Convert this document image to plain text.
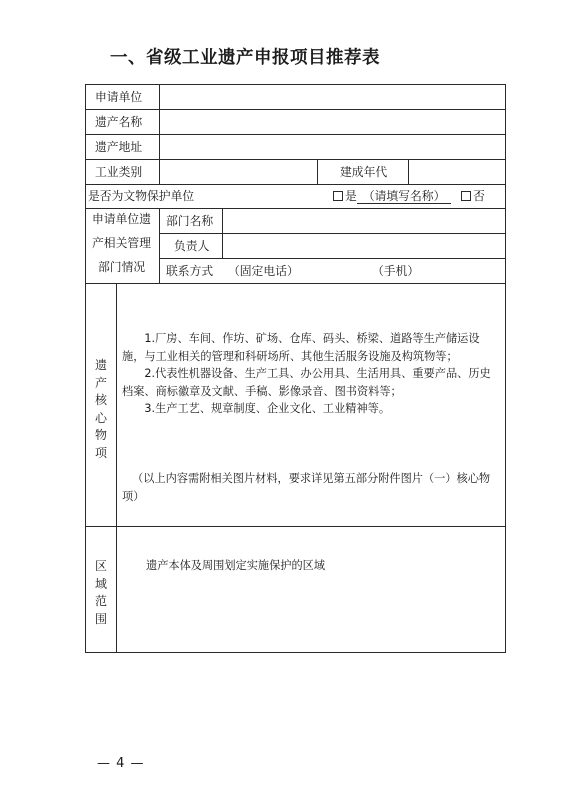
一、省级工业遗产申报项目推荐表
申请单位
遗产名称
遗产地址
工业类别	建成年代
是否为文物保护单位	是 （请填写名称） 否
申请单位遗
产相关管理
部门情况
部门名称
负责人
联系方式 （固定电话）	（手机）
遗产核心物项
1.厂房、车间、作坊、矿场、仓库、码头、桥梁、道路等生产储运设施，与工业相关的管理和科研场所、其他生活服务设施及构筑物等；
2.代表性机器设备、生产工具、办公用具、生活用具、重要产品、历史档案、商标徽章及文献、手稿、影像录音、图书资料等；
3.生产工艺、规章制度、企业文化、工业精神等。
（以上内容需附相关图片材料，要求详见第五部分附件图片（一）核心物项）
区域范围
遗产本体及周围划定实施保护的区域
— 4 —
